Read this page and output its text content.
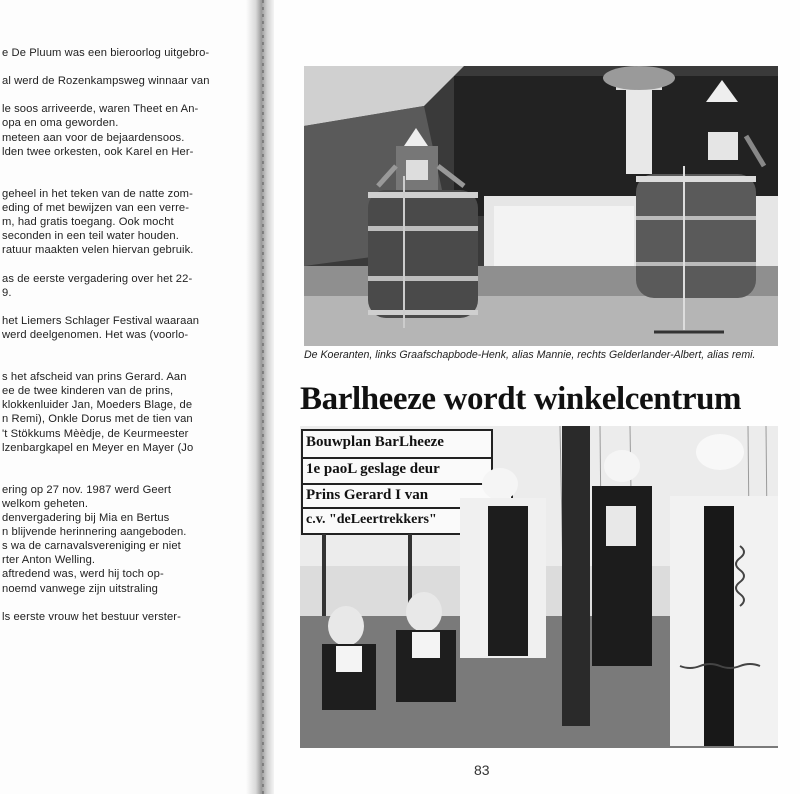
e De Pluum was een bieroorlog uitgebro-
al werd de Rozenkampsweg winnaar van
le soos arriveerde, waren Theet en An-
opa en oma geworden.
meteen aan voor de bejaardensoos.
lden twee orkesten, ook Karel en Her-
geheel in het teken van de natte zom-
eding of met bewijzen van een verre-
m, had gratis toegang. Ook mocht
seconden in een teil water houden.
ratuur maakten velen hiervan gebruik.
as de eerste vergadering over het 22-
9.
het Liemers Schlager Festival waaraan
werd deelgenomen. Het was (voorlo-
s het afscheid van prins Gerard. Aan
ee de twee kinderen van de prins,
klokkenluider Jan, Moeders Blage, de
n Remi), Onkle Dorus met de tien van
't Stökkums Mèèdje, de Keurmeester
lzenbargkapel en Meyer en Mayer (Jo
ering op 27 nov. 1987 werd Geert
welkom geheten.
denvergadering bij Mia en Bertus
n blijvende herinnering aangeboden.
s wa de carnavalsvereniging er niet
rter Anton Welling.
aftredend was, werd hij toch op-
noemd vanwege zijn uitstraling
ls eerste vrouw het bestuur verster-
De Koeranten, links Graafschapbode-Henk, alias Mannie, rechts Gelderlander-Albert, alias remi.
Barlheeze wordt winkelcentrum
Bouwplan BarLheeze
1e paoL geslage deur
Prins Gerard I van
c.v. "deLeertrekkers"
83
